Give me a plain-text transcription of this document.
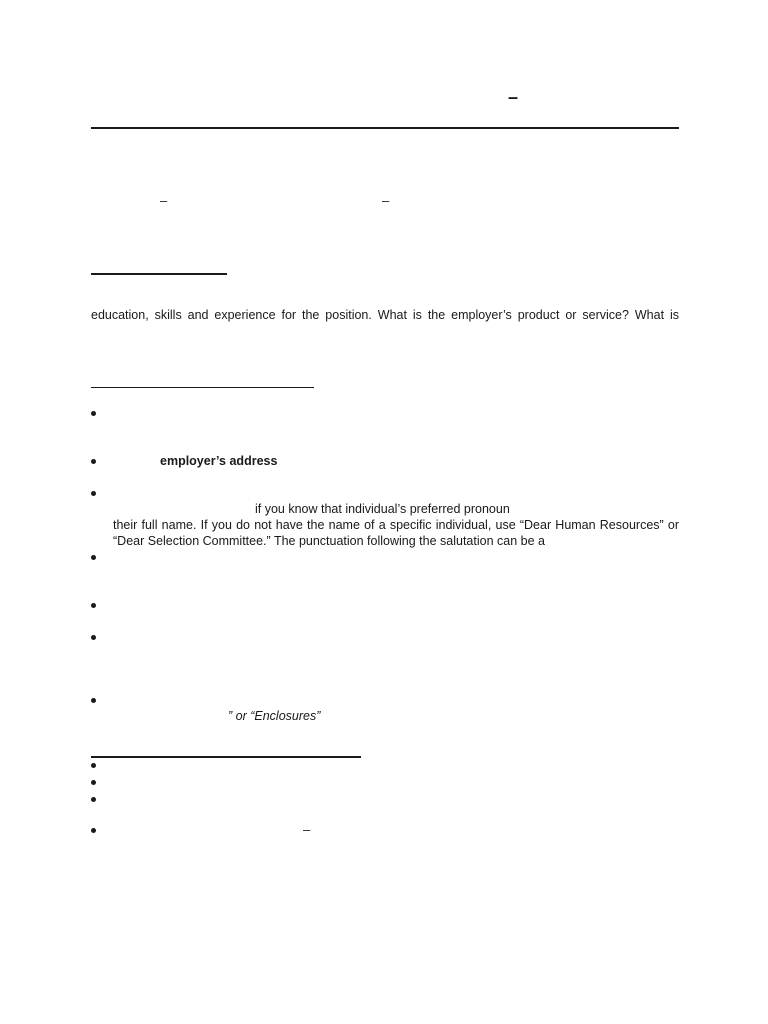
–
–	–
education, skills and experience for the position. What is the employer’s product or service? What is
employer’s address
if you know that individual’s preferred pronoun
their full name. If you do not have the name of a specific individual, use “Dear Human Resources” or
“Dear Selection Committee.” The punctuation following the salutation can be a
” or “Enclosures”
–
